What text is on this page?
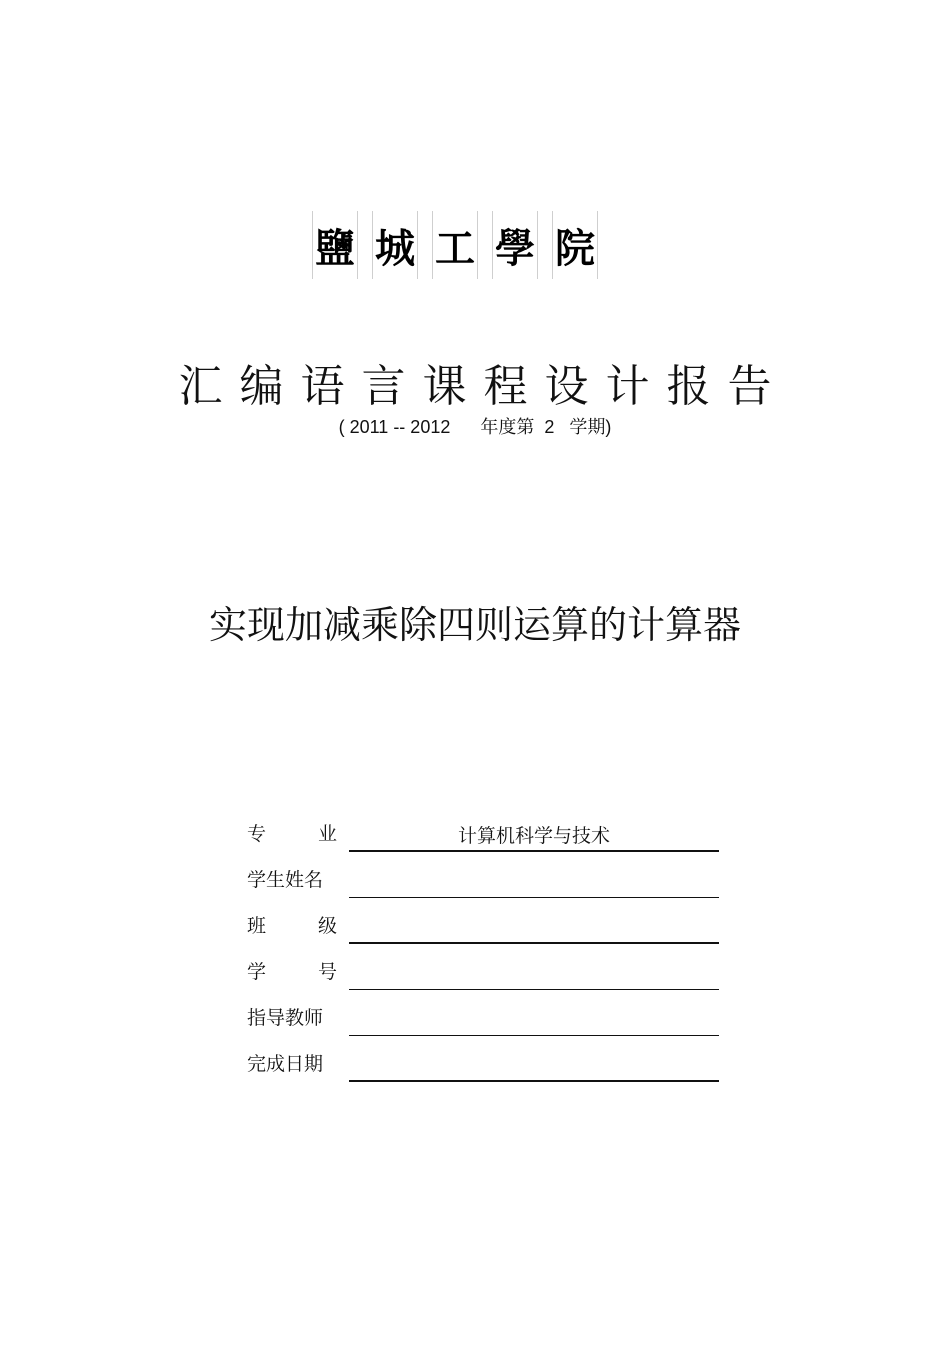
鹽 城 工 學 院
汇编语言课程设计报告
( 2011 -- 2012      年度第  2   学期)
实现加减乘除四则运算的计算器
专	业	计算机科学与技术
学生姓名
班	级
学	号
指导教师
完成日期
